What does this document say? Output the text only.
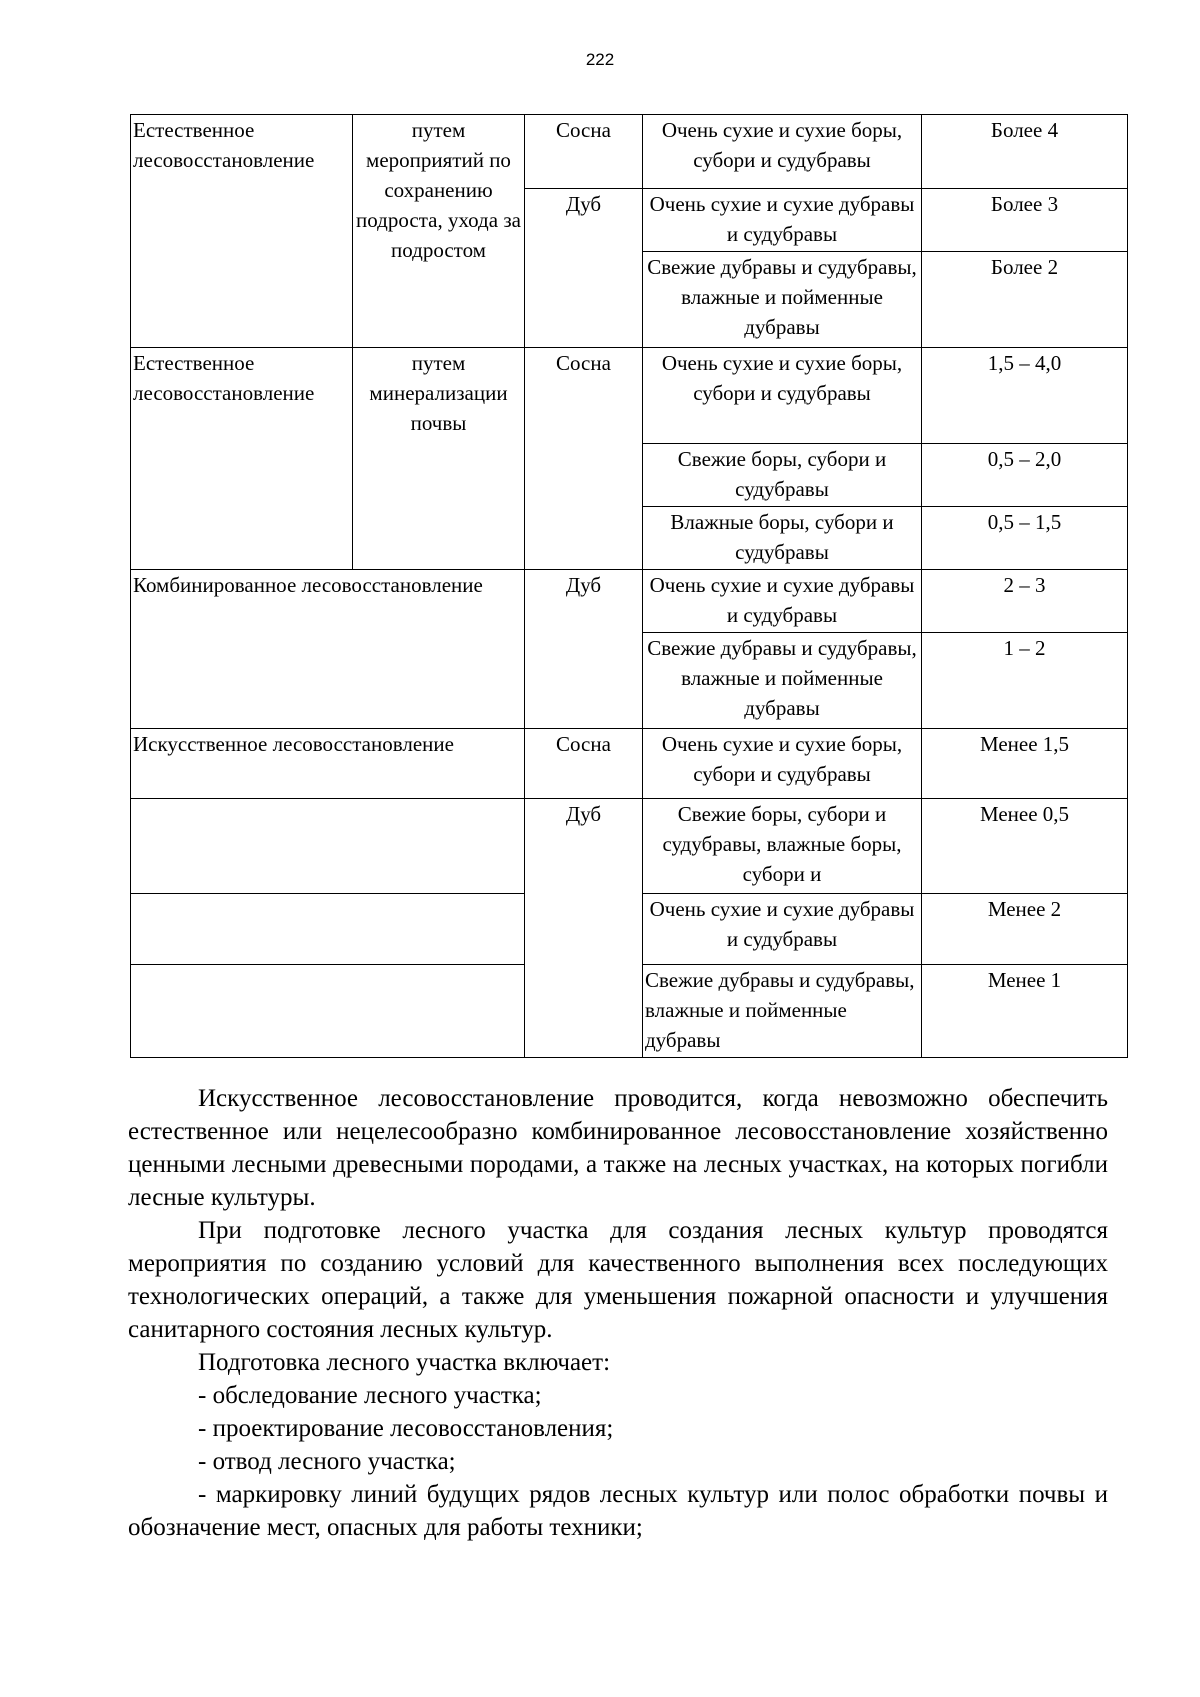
222
Естественное лесовосстановление	путем мероприятий по сохранению подроста, ухода за подростом	Сосна	Очень сухие и сухие боры, субори и судубравы	Более 4
		Дуб	Очень сухие и сухие дубравы и судубравы	Более 3
			Свежие дубравы и судубравы, влажные и пойменные дубравы	Более 2
Естественное лесовосстановление	путем минерализации почвы	Сосна	Очень сухие и сухие боры, субори и судубравы	1,5 – 4,0
			Свежие боры, субори и судубравы	0,5 – 2,0
			Влажные боры, субори и судубравы	0,5 – 1,5
Комбинированное лесовосстановление		Дуб	Очень сухие и сухие дубравы и судубравы	2 – 3
			Свежие дубравы и судубравы, влажные и пойменные дубравы	1 – 2
Искусственное лесовосстановление		Сосна	Очень сухие и сухие боры, субори и судубравы	Менее 1,5
		Дуб	Свежие боры, субори и судубравы, влажные боры, субори и	Менее 0,5
			Очень сухие и сухие дубравы и судубравы	Менее 2
			Свежие дубравы и судубравы, влажные и пойменные дубравы	Менее 1

Искусственное лесовосстановление проводится, когда невозможно обеспечить естественное или нецелесообразно комбинированное лесовосстановление хозяйственно ценными лесными древесными породами, а также на лесных участках, на которых погибли лесные культуры.

При подготовке лесного участка для создания лесных культур проводятся мероприятия по созданию условий для качественного выполнения всех последующих технологических операций, а также для уменьшения пожарной опасности и улучшения санитарного состояния лесных культур.

Подготовка лесного участка включает:

- обследование лесного участка;

- проектирование лесовосстановления;

- отвод лесного участка;

- маркировку линий будущих рядов лесных культур или полос обработки почвы и обозначение мест, опасных для работы техники;
